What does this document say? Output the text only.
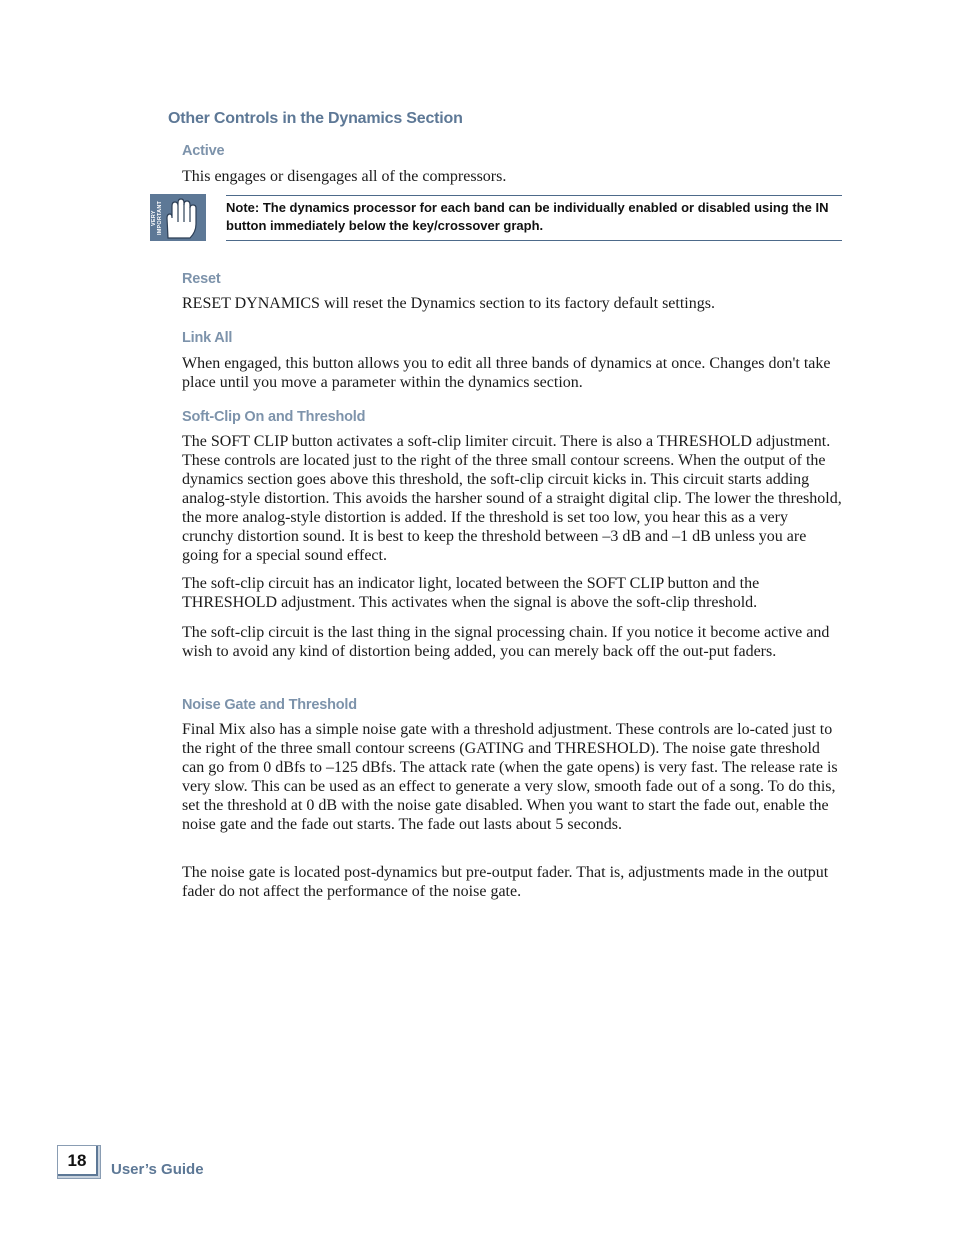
Other Controls in the Dynamics Section
Active
This engages or disengages all of the compressors.
VERY IMPORTANT	Note: The dynamics processor for each band can be individually enabled or disabled using the IN button immediately below the key/crossover graph.
Reset
RESET DYNAMICS will reset the Dynamics section to its factory default settings.
Link All
When engaged, this button allows you to edit all three bands of dynamics at once. Changes don't take place until you move a parameter within the dynamics section.
Soft-Clip On and Threshold
The SOFT CLIP button activates a soft-clip limiter circuit. There is also a THRESHOLD adjustment. These controls are located just to the right of the three small contour screens. When the output of the dynamics section goes above this threshold, the soft-clip circuit kicks in. This circuit starts adding analog-style distortion. This avoids the harsher sound of a straight digital clip. The lower the threshold, the more analog-style distortion is added. If the threshold is set too low, you hear this as a very crunchy distortion sound. It is best to keep the threshold between –3 dB and –1 dB unless you are going for a special sound effect.
The soft-clip circuit has an indicator light, located between the SOFT CLIP button and the THRESHOLD adjustment. This activates when the signal is above the soft-clip threshold.
The soft-clip circuit is the last thing in the signal processing chain. If you notice it become active and wish to avoid any kind of distortion being added, you can merely back off the out-put faders.
Noise Gate and Threshold
Final Mix also has a simple noise gate with a threshold adjustment. These controls are lo-cated just to the right of the three small contour screens (GATING and THRESHOLD). The noise gate threshold can go from 0 dBfs to –125 dBfs. The attack rate (when the gate opens) is very fast. The release rate is very slow. This can be used as an effect to generate a very slow, smooth fade out of a song. To do this, set the threshold at 0 dB with the noise gate disabled. When you want to start the fade out, enable the noise gate and the fade out starts. The fade out lasts about 5 seconds.
The noise gate is located post-dynamics but pre-output fader. That is, adjustments made in the output fader do not affect the performance of the noise gate.
18	User’s Guide
